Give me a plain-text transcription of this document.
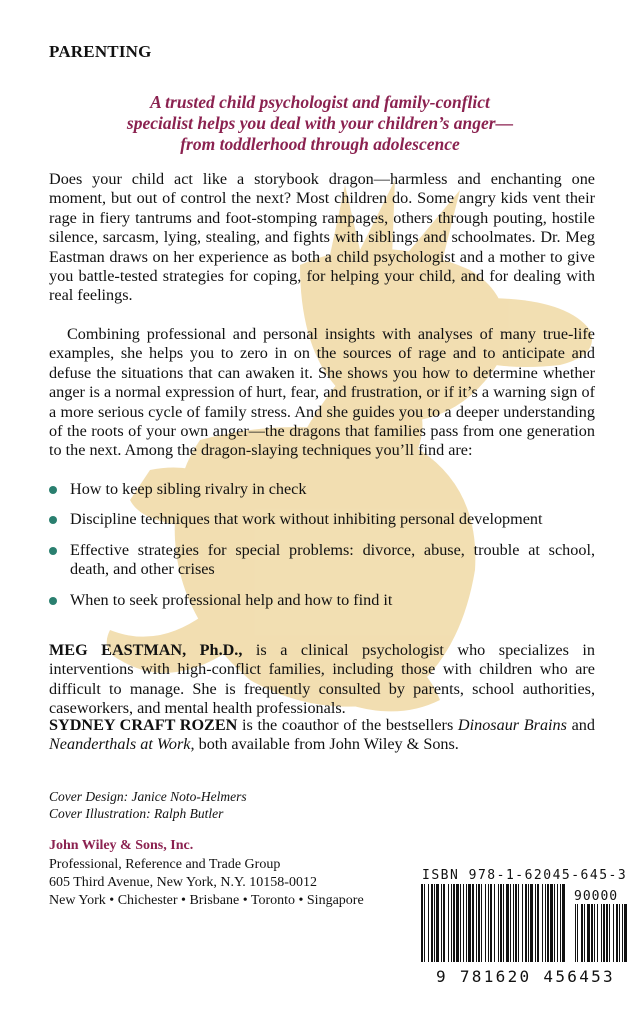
PARENTING
A trusted child psychologist and family-conflict
specialist helps you deal with your children’s anger—
from toddlerhood through adolescence
Does your child act like a storybook dragon—harmless and enchanting one moment, but out of control the next? Most children do. Some angry kids vent their rage in fiery tantrums and foot-stomping rampages, others through pouting, hostile silence, sarcasm, lying, stealing, and fights with siblings and schoolmates. Dr. Meg Eastman draws on her experience as both a child psychologist and a mother to give you battle-tested strategies for coping, for helping your child, and for dealing with real feelings.
Combining professional and personal insights with analyses of many true-life examples, she helps you to zero in on the sources of rage and to anticipate and defuse the situations that can awaken it. She shows you how to determine whether anger is a normal expression of hurt, fear, and frustration, or if it’s a warning sign of a more serious cycle of family stress. And she guides you to a deeper understanding of the roots of your own anger—the dragons that families pass from one generation to the next. Among the dragon-slaying techniques you’ll find are:
How to keep sibling rivalry in check
Discipline techniques that work without inhibiting personal development
Effective strategies for special problems: divorce, abuse, trouble at school, death, and other crises
When to seek professional help and how to find it
MEG EASTMAN, Ph.D., is a clinical psychologist who specializes in interventions with high-conflict families, including those with children who are difficult to manage. She is frequently consulted by parents, school authorities, caseworkers, and mental health professionals.
SYDNEY CRAFT ROZEN is the coauthor of the bestsellers Dinosaur Brains and Neanderthals at Work, both available from John Wiley & Sons.
Cover Design: Janice Noto-Helmers
Cover Illustration: Ralph Butler
John Wiley & Sons, Inc.
Professional, Reference and Trade Group
605 Third Avenue, New York, N.Y. 10158-0012
New York • Chichester • Brisbane • Toronto • Singapore
ISBN 978-1-62045-645-3
9 781620 456453
90000
